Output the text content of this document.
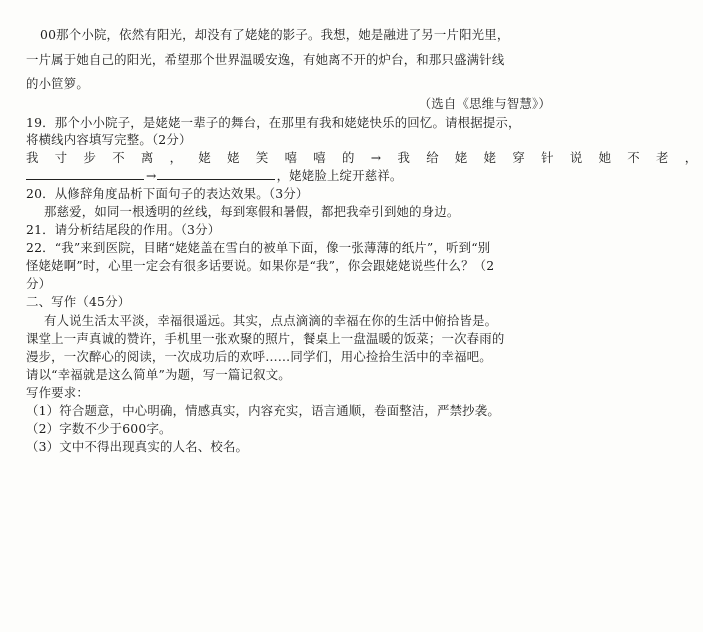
00那个小院，依然有阳光，却没有了姥姥的影子。我想，她是融进了另一片阳光里，
一片属于她自己的阳光，希望那个世界温暖安逸，有她离不开的炉台，和那只盛满针线
的小笸箩。
（选自《思维与智慧》）
19．那个小小院子，是姥姥一辈子的舞台，在那里有我和姥姥快乐的回忆。请根据提示，
将横线内容填写完整。（2分）
我 寸 步 不 离 ， 姥 姥 笑 嘻 嘻 的 → 我 给 姥 姥 穿 针 说 她 不 老 ，
→	，姥姥脸上绽开慈祥。
20．从修辞角度品析下面句子的表达效果。（3分）
那慈爱，如同一根透明的丝线，每到寒假和暑假，都把我牵引到她的身边。
21．请分析结尾段的作用。（3分）
22．“我”来到医院，目睹“姥姥盖在雪白的被单下面，像一张薄薄的纸片”，听到“别
怪姥姥啊”时，心里一定会有很多话要说。如果你是“我”，你会跟姥姥说些什么？（2
分）
二、写作（45分）
有人说生活太平淡，幸福很遥远。其实，点点滴滴的幸福在你的生活中俯拾皆是。
课堂上一声真诚的赞许，手机里一张欢聚的照片，餐桌上一盘温暖的饭菜；一次春雨的
漫步，一次醉心的阅读，一次成功后的欢呼……同学们，用心捡拾生活中的幸福吧。
请以“幸福就是这么简单”为题，写一篇记叙文。
写作要求：
（1）符合题意，中心明确，情感真实，内容充实，语言通顺，卷面整洁，严禁抄袭。
（2）字数不少于600字。
（3）文中不得出现真实的人名、校名。
